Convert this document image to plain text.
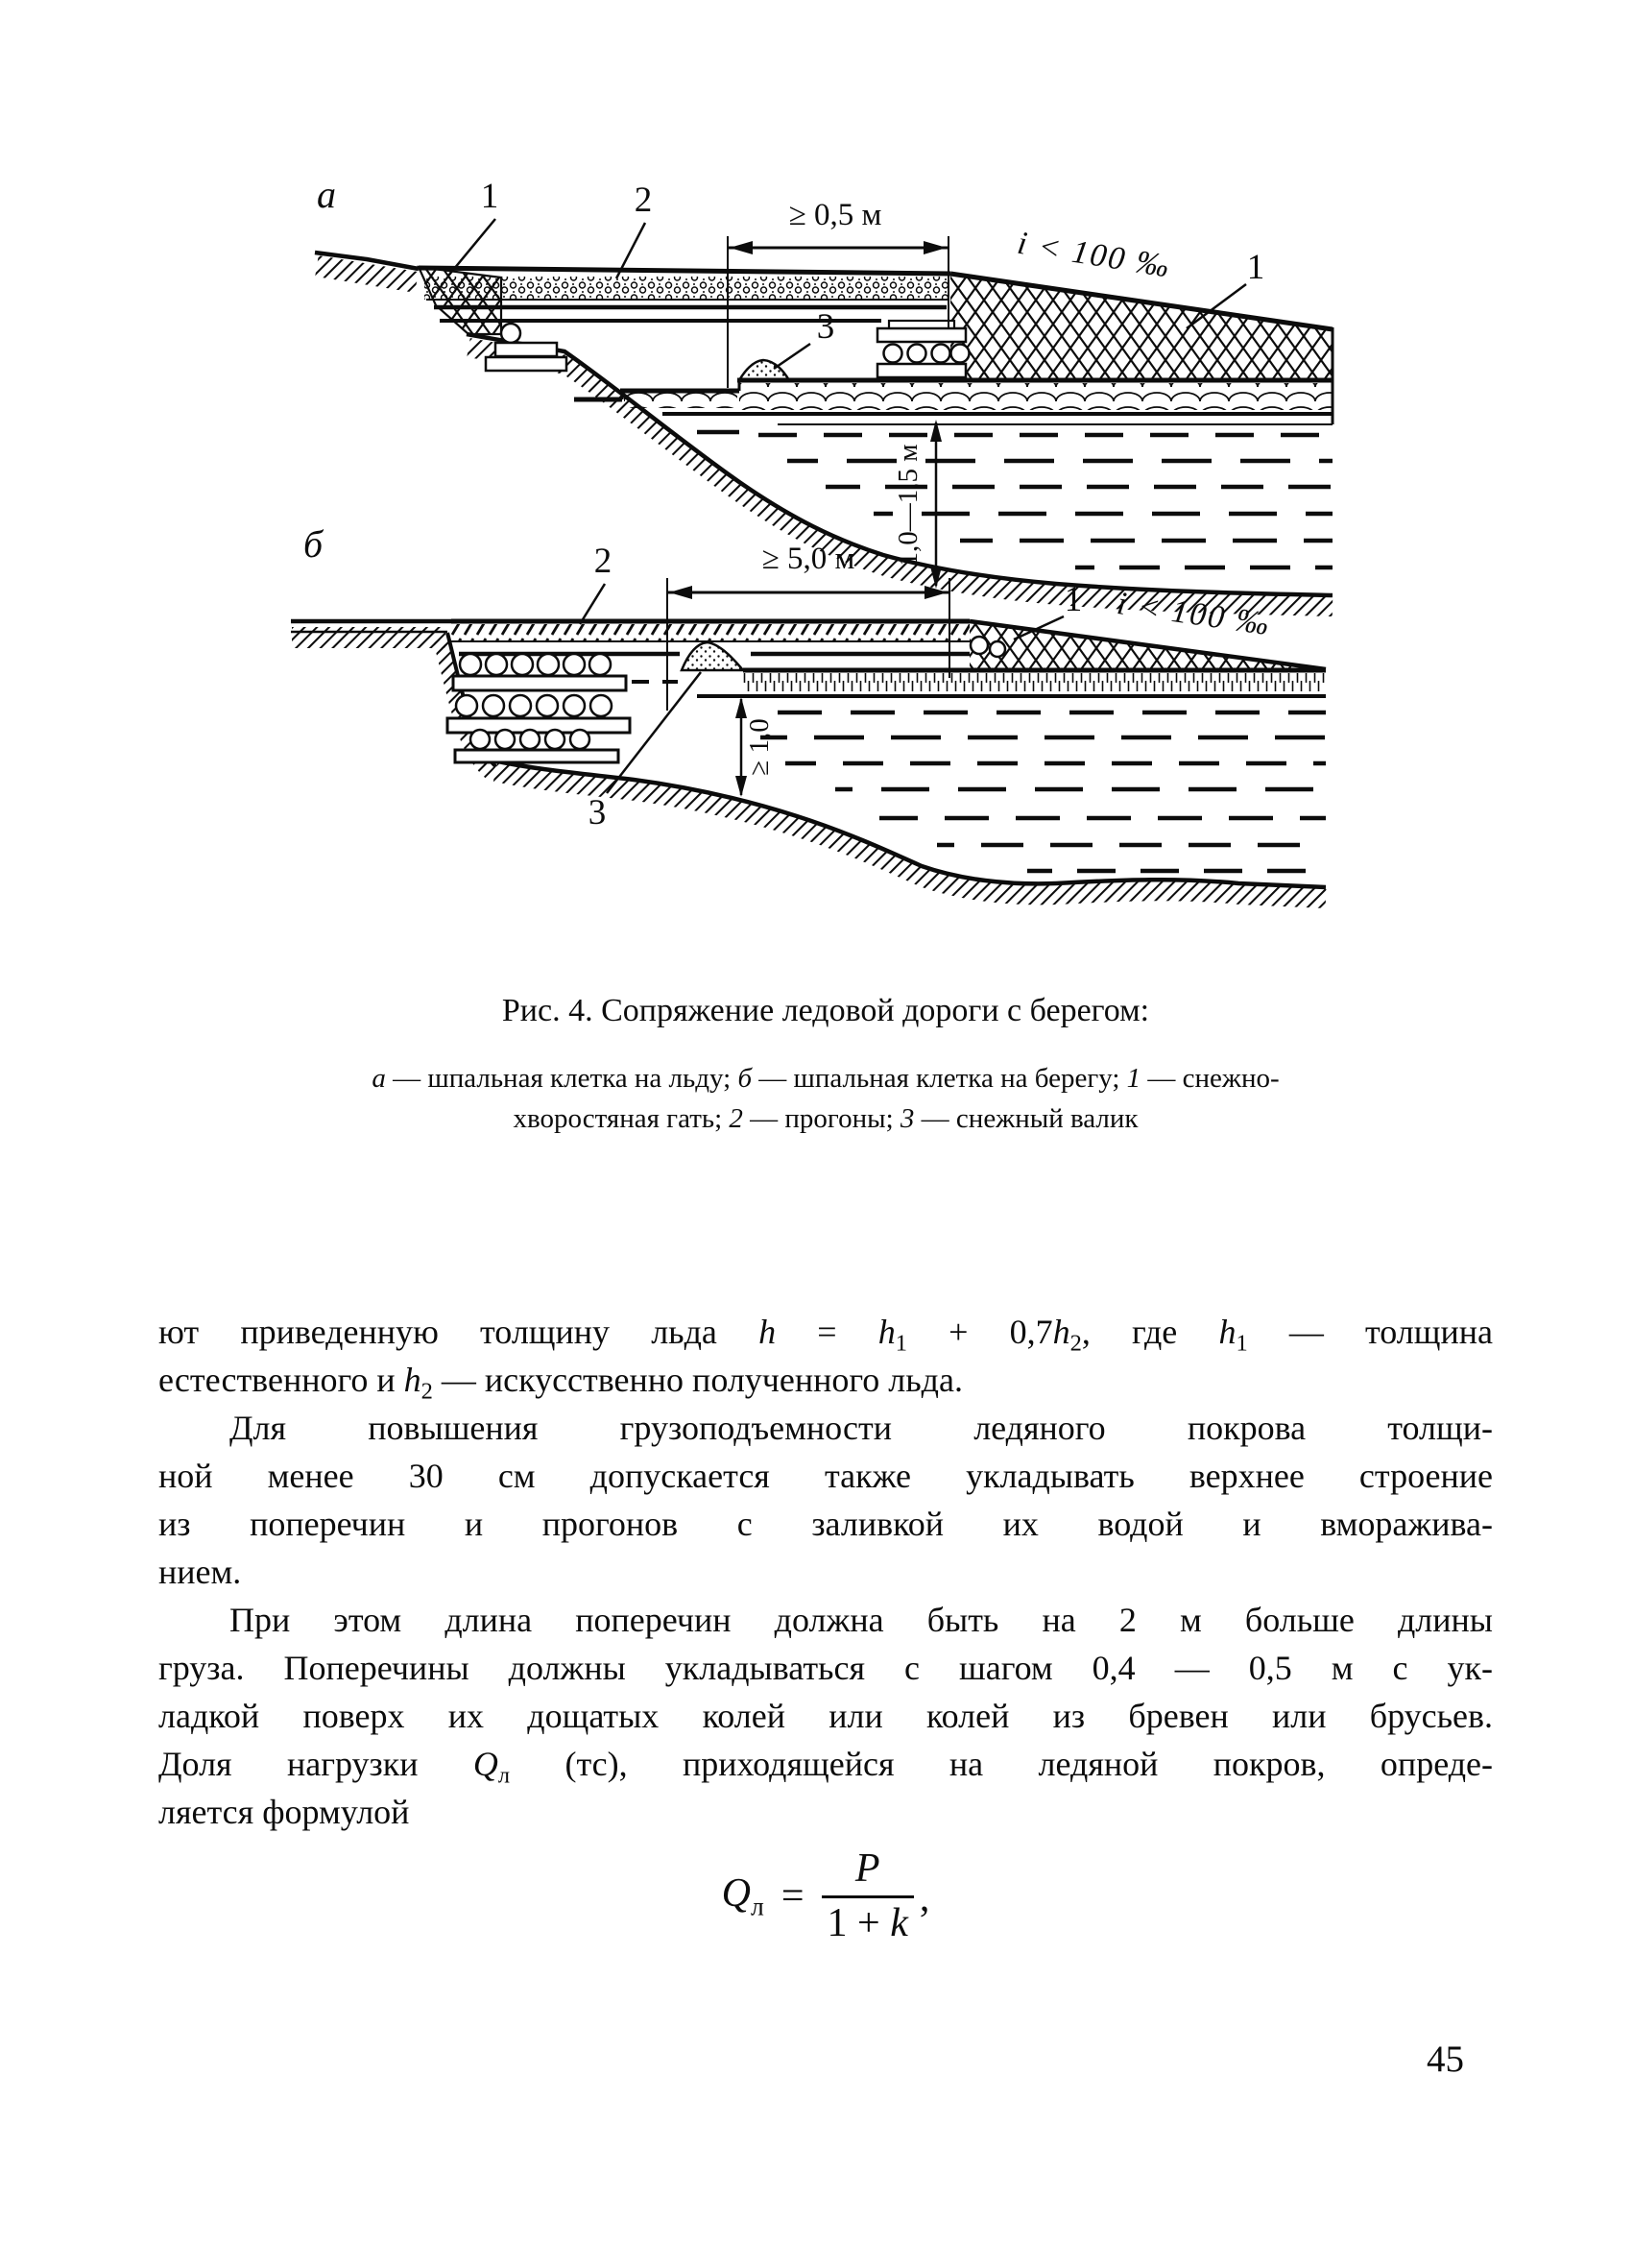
а	1	2	≥ 0,5 м
i < 100 ‰ 1
3
1,0—1,5 м
б	2	≥ 5,0 м
1 i < 100 ‰
3
≥ 1,0
Рис. 4. Сопряжение ледовой дороги с берегом:
а — шпальная клетка на льду; б — шпальная клетка на берегу; 1 — снежно-
хворостяная гать; 2 — прогоны; 3 — снежный валик
ют приведенную толщину льда $h = h_1 + 0,7h_2$, где $h_1$ — толщина
естественного и $h_2$ — искусственно полученного льда.
Для повышения грузоподъемности ледяного покрова толщи-
ной менее 30 см допускается также укладывать верхнее строение
из поперечин и прогонов с заливкой их водой и вморажива-
нием.
При этом длина поперечин должна быть на 2 м больше длины
груза. Поперечины должны укладываться с шагом 0,4 — 0,5 м с ук-
ладкой поверх их дощатых колей или колей из бревен или брусьев.
Доля нагрузки $Q_л$ (тс), приходящейся на ледяной покров, опреде-
ляется формулой
$Q_л = \frac{P}{1 + k}$ ,
45
